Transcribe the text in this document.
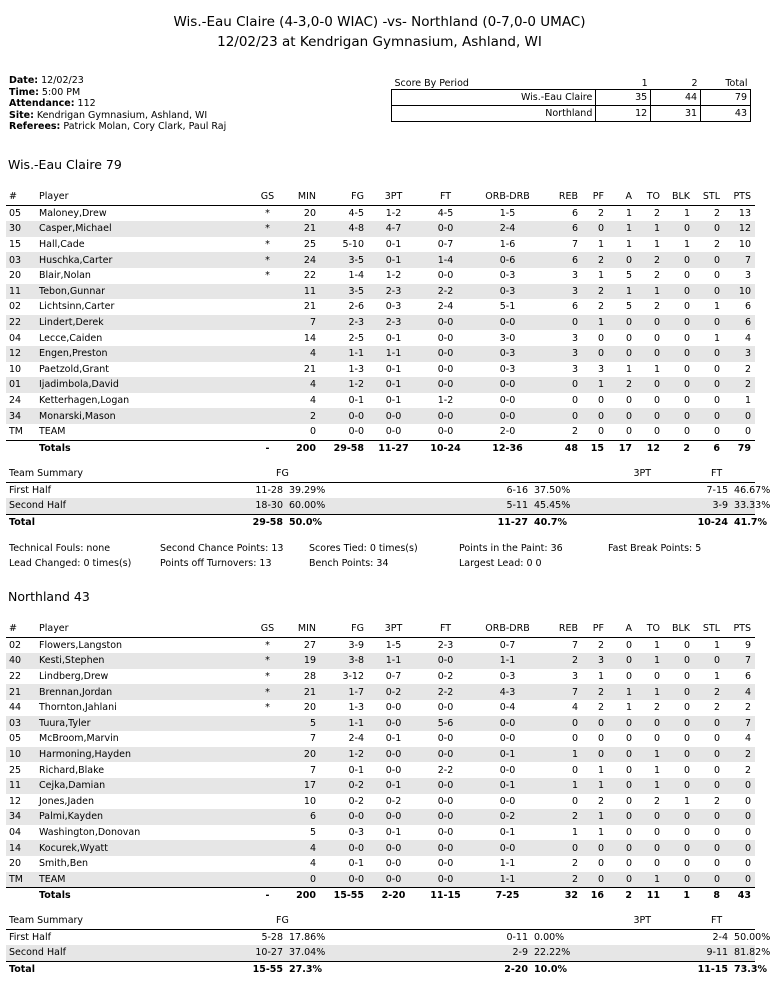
Wis.-Eau Claire (4-3,0-0 WIAC) -vs- Northland (0-7,0-0 UMAC)
12/02/23 at Kendrigan Gymnasium, Ashland, WI
Date: 12/02/23
Time: 5:00 PM
Attendance: 112
Site: Kendrigan Gymnasium, Ashland, WI
Referees: Patrick Molan, Cory Clark, Paul Raj
Score By Period	1	2	Total
Wis.-Eau Claire	35	44	79
Northland	12	31	43
Wis.-Eau Claire 79
#	Player	GS	MIN	FG	3PT	FT	ORB-DRB	REB	PF	A	TO	BLK	STL	PTS
05	Maloney,Drew	*	20	4-5	1-2	4-5	1-5	6	2	1	2	1	2	13
30	Casper,Michael	*	21	4-8	4-7	0-0	2-4	6	0	1	1	0	0	12
15	Hall,Cade	*	25	5-10	0-1	0-7	1-6	7	1	1	1	1	2	10
03	Huschka,Carter	*	24	3-5	0-1	1-4	0-6	6	2	0	2	0	0	7
20	Blair,Nolan	*	22	1-4	1-2	0-0	0-3	3	1	5	2	0	0	3
11	Tebon,Gunnar		11	3-5	2-3	2-2	0-3	3	2	1	1	0	0	10
02	Lichtsinn,Carter		21	2-6	0-3	2-4	5-1	6	2	5	2	0	1	6
22	Lindert,Derek		7	2-3	2-3	0-0	0-0	0	1	0	0	0	0	6
04	Lecce,Caiden		14	2-5	0-1	0-0	3-0	3	0	0	0	0	1	4
12	Engen,Preston		4	1-1	1-1	0-0	0-3	3	0	0	0	0	0	3
10	Paetzold,Grant		21	1-3	0-1	0-0	0-3	3	3	1	1	0	0	2
01	Ijadimbola,David		4	1-2	0-1	0-0	0-0	0	1	2	0	0	0	2
24	Ketterhagen,Logan		4	0-1	0-1	1-2	0-0	0	0	0	0	0	0	1
34	Monarski,Mason		2	0-0	0-0	0-0	0-0	0	0	0	0	0	0	0
TM	TEAM		0	0-0	0-0	0-0	2-0	2	0	0	0	0	0	0
	Totals	-	200	29-58	11-27	10-24	12-36	48	15	17	12	2	6	79
Team Summary	FG		3PT		FT	
First Half	11-28	39.29%	6-16	37.50%	7-15	46.67%
Second Half	18-30	60.00%	5-11	45.45%	3-9	33.33%
Total	29-58	50.0%	11-27	40.7%	10-24	41.7%
Technical Fouls: none	Second Chance Points: 13	Scores Tied: 0 times(s)	Points in the Paint: 36	Fast Break Points: 5
Lead Changed: 0 times(s)	Points off Turnovers: 13	Bench Points: 34	Largest Lead: 0 0
Northland 43
#	Player	GS	MIN	FG	3PT	FT	ORB-DRB	REB	PF	A	TO	BLK	STL	PTS
02	Flowers,Langston	*	27	3-9	1-5	2-3	0-7	7	2	0	1	0	1	9
40	Kesti,Stephen	*	19	3-8	1-1	0-0	1-1	2	3	0	1	0	0	7
22	Lindberg,Drew	*	28	3-12	0-7	0-2	0-3	3	1	0	0	0	1	6
21	Brennan,Jordan	*	21	1-7	0-2	2-2	4-3	7	2	1	1	0	2	4
44	Thornton,Jahlani	*	20	1-3	0-0	0-0	0-4	4	2	1	2	0	2	2
03	Tuura,Tyler		5	1-1	0-0	5-6	0-0	0	0	0	0	0	0	7
05	McBroom,Marvin		7	2-4	0-1	0-0	0-0	0	0	0	0	0	0	4
10	Harmoning,Hayden		20	1-2	0-0	0-0	0-1	1	0	0	1	0	0	2
25	Richard,Blake		7	0-1	0-0	2-2	0-0	0	1	0	1	0	0	2
11	Cejka,Damian		17	0-2	0-1	0-0	0-1	1	1	0	1	0	0	0
12	Jones,Jaden		10	0-2	0-2	0-0	0-0	0	2	0	2	1	2	0
34	Palmi,Kayden		6	0-0	0-0	0-0	0-2	2	1	0	0	0	0	0
04	Washington,Donovan		5	0-3	0-1	0-0	0-1	1	1	0	0	0	0	0
14	Kocurek,Wyatt		4	0-0	0-0	0-0	0-0	0	0	0	0	0	0	0
20	Smith,Ben		4	0-1	0-0	0-0	1-1	2	0	0	0	0	0	0
TM	TEAM		0	0-0	0-0	0-0	1-1	2	0	0	1	0	0	0
	Totals	-	200	15-55	2-20	11-15	7-25	32	16	2	11	1	8	43
Team Summary	FG		3PT		FT	
First Half	5-28	17.86%	0-11	0.00%	2-4	50.00%
Second Half	10-27	37.04%	2-9	22.22%	9-11	81.82%
Total	15-55	27.3%	2-20	10.0%	11-15	73.3%
